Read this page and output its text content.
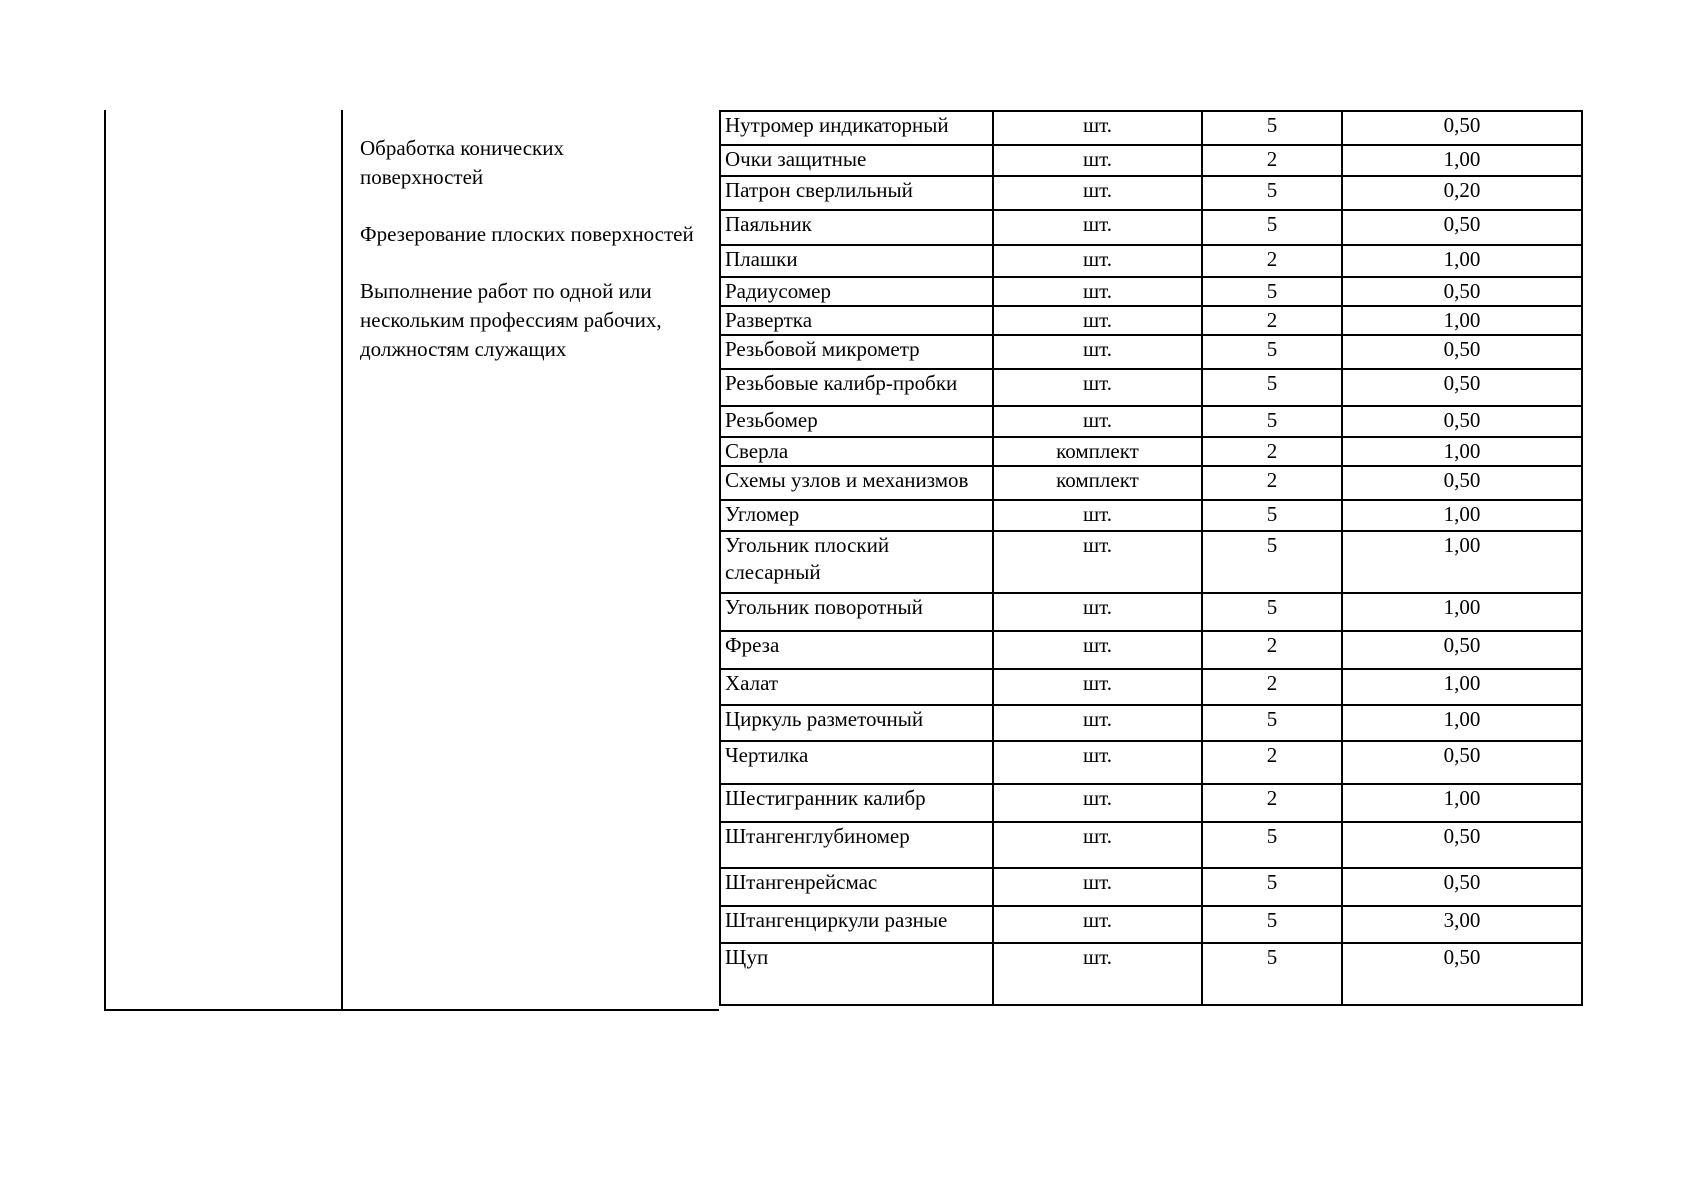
Обработка конических
поверхностей
Фрезерование плоских поверхностей
Выполнение работ по одной или
нескольким профессиям рабочих,
должностям служащих
Нутромер индикаторный	шт.	5	0,50
Очки защитные	шт.	2	1,00
Патрон сверлильный	шт.	5	0,20
Паяльник	шт.	5	0,50
Плашки	шт.	2	1,00
Радиусомер	шт.	5	0,50
Развертка	шт.	2	1,00
Резьбовой микрометр	шт.	5	0,50
Резьбовые калибр-пробки	шт.	5	0,50
Резьбомер	шт.	5	0,50
Сверла	комплект	2	1,00
Схемы узлов и механизмов	комплект	2	0,50
Угломер	шт.	5	1,00
Угольник плоский слесарный	шт.	5	1,00
Угольник поворотный	шт.	5	1,00
Фреза	шт.	2	0,50
Халат	шт.	2	1,00
Циркуль разметочный	шт.	5	1,00
Чертилка	шт.	2	0,50
Шестигранник калибр	шт.	2	1,00
Штангенглубиномер	шт.	5	0,50
Штангенрейсмас	шт.	5	0,50
Штангенциркули разные	шт.	5	3,00
Щуп	шт.	5	0,50
